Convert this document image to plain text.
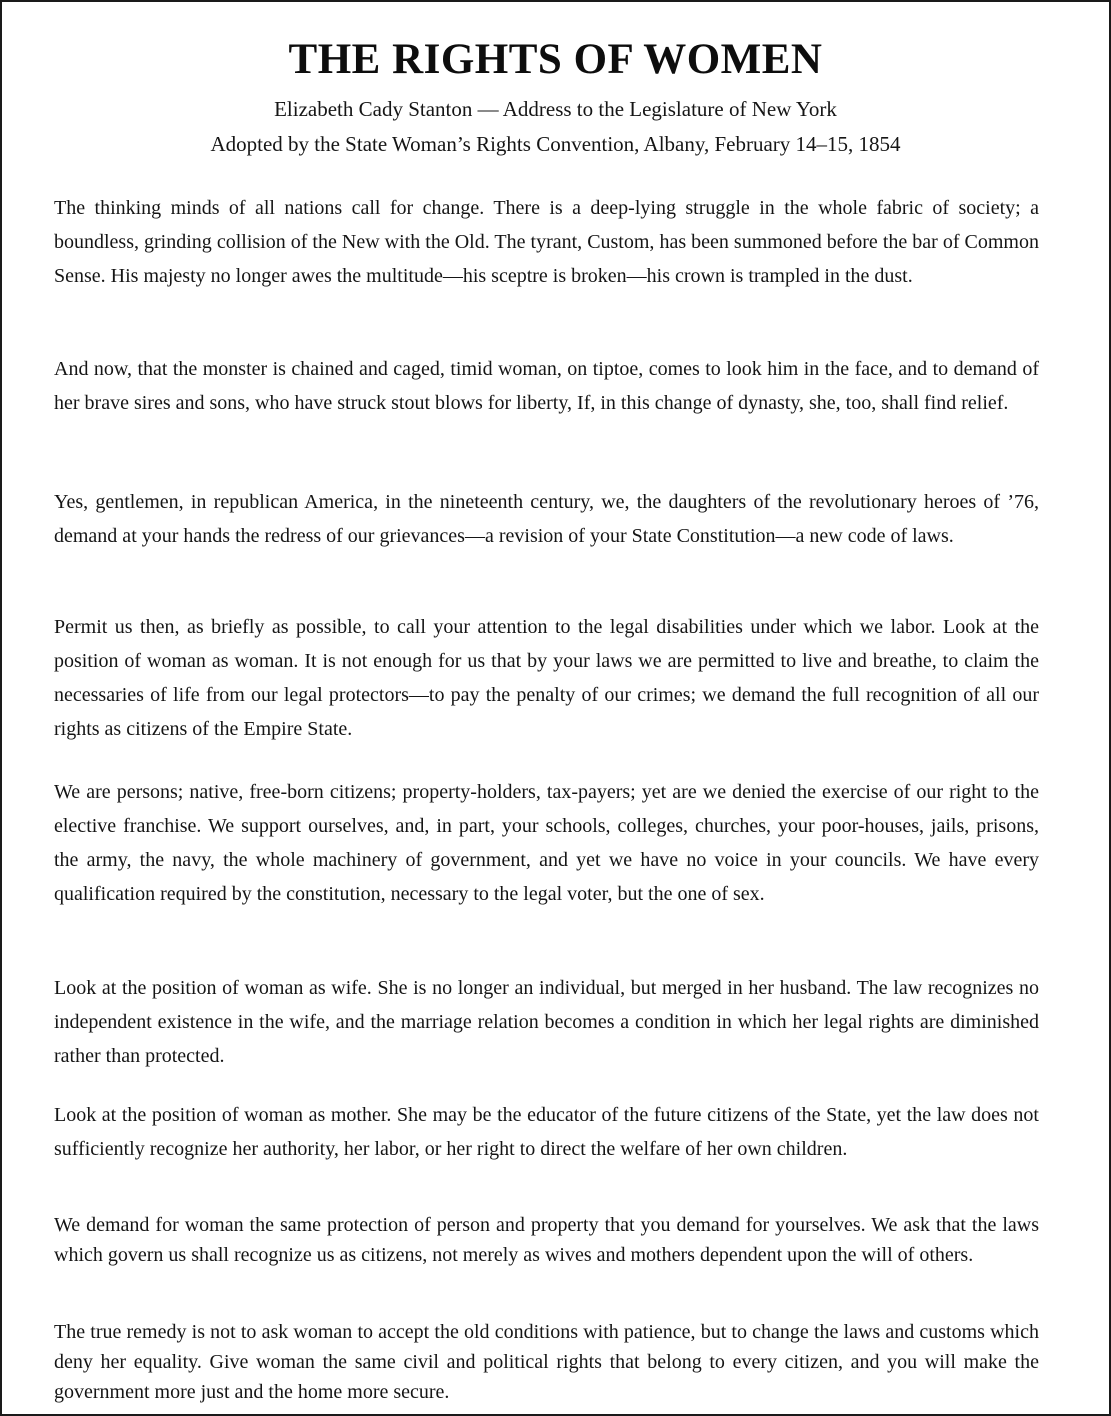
THE RIGHTS OF WOMEN

Elizabeth Cady Stanton — Address to the Legislature of New York

Adopted by the State Woman’s Rights Convention, Albany, February 14–15, 1854

The thinking minds of all nations call for change. There is a deep-lying struggle in the whole fabric of society; a boundless, grinding collision of the New with the Old. The tyrant, Custom, has been summoned before the bar of Common Sense. His majesty no longer awes the multitude—his sceptre is broken—his crown is trampled in the dust.

And now, that the monster is chained and caged, timid woman, on tiptoe, comes to look him in the face, and to demand of her brave sires and sons, who have struck stout blows for liberty, If, in this change of dynasty, she, too, shall find relief.

Yes, gentlemen, in republican America, in the nineteenth century, we, the daughters of the revolutionary heroes of ’76, demand at your hands the redress of our grievances—a revision of your State Constitution—a new code of laws.

Permit us then, as briefly as possible, to call your attention to the legal disabilities under which we labor. Look at the position of woman as woman. It is not enough for us that by your laws we are permitted to live and breathe, to claim the necessaries of life from our legal protectors—to pay the penalty of our crimes; we demand the full recognition of all our rights as citizens of the Empire State.

We are persons; native, free-born citizens; property-holders, tax-payers; yet are we denied the exercise of our right to the elective franchise. We support ourselves, and, in part, your schools, colleges, churches, your poor-houses, jails, prisons, the army, the navy, the whole machinery of government, and yet we have no voice in your councils. We have every qualification required by the constitution, necessary to the legal voter, but the one of sex.

Look at the position of woman as wife. She is no longer an individual, but merged in her husband. The law recognizes no independent existence in the wife, and the marriage relation becomes a condition in which her legal rights are diminished rather than protected.

Look at the position of woman as mother. She may be the educator of the future citizens of the State, yet the law does not sufficiently recognize her authority, her labor, or her right to direct the welfare of her own children.

We demand for woman the same protection of person and property that you demand for yourselves. We ask that the laws which govern us shall recognize us as citizens, not merely as wives and mothers dependent upon the will of others.

The true remedy is not to ask woman to accept the old conditions with patience, but to change the laws and customs which deny her equality. Give woman the same civil and political rights that belong to every citizen, and you will make the government more just and the home more secure.
